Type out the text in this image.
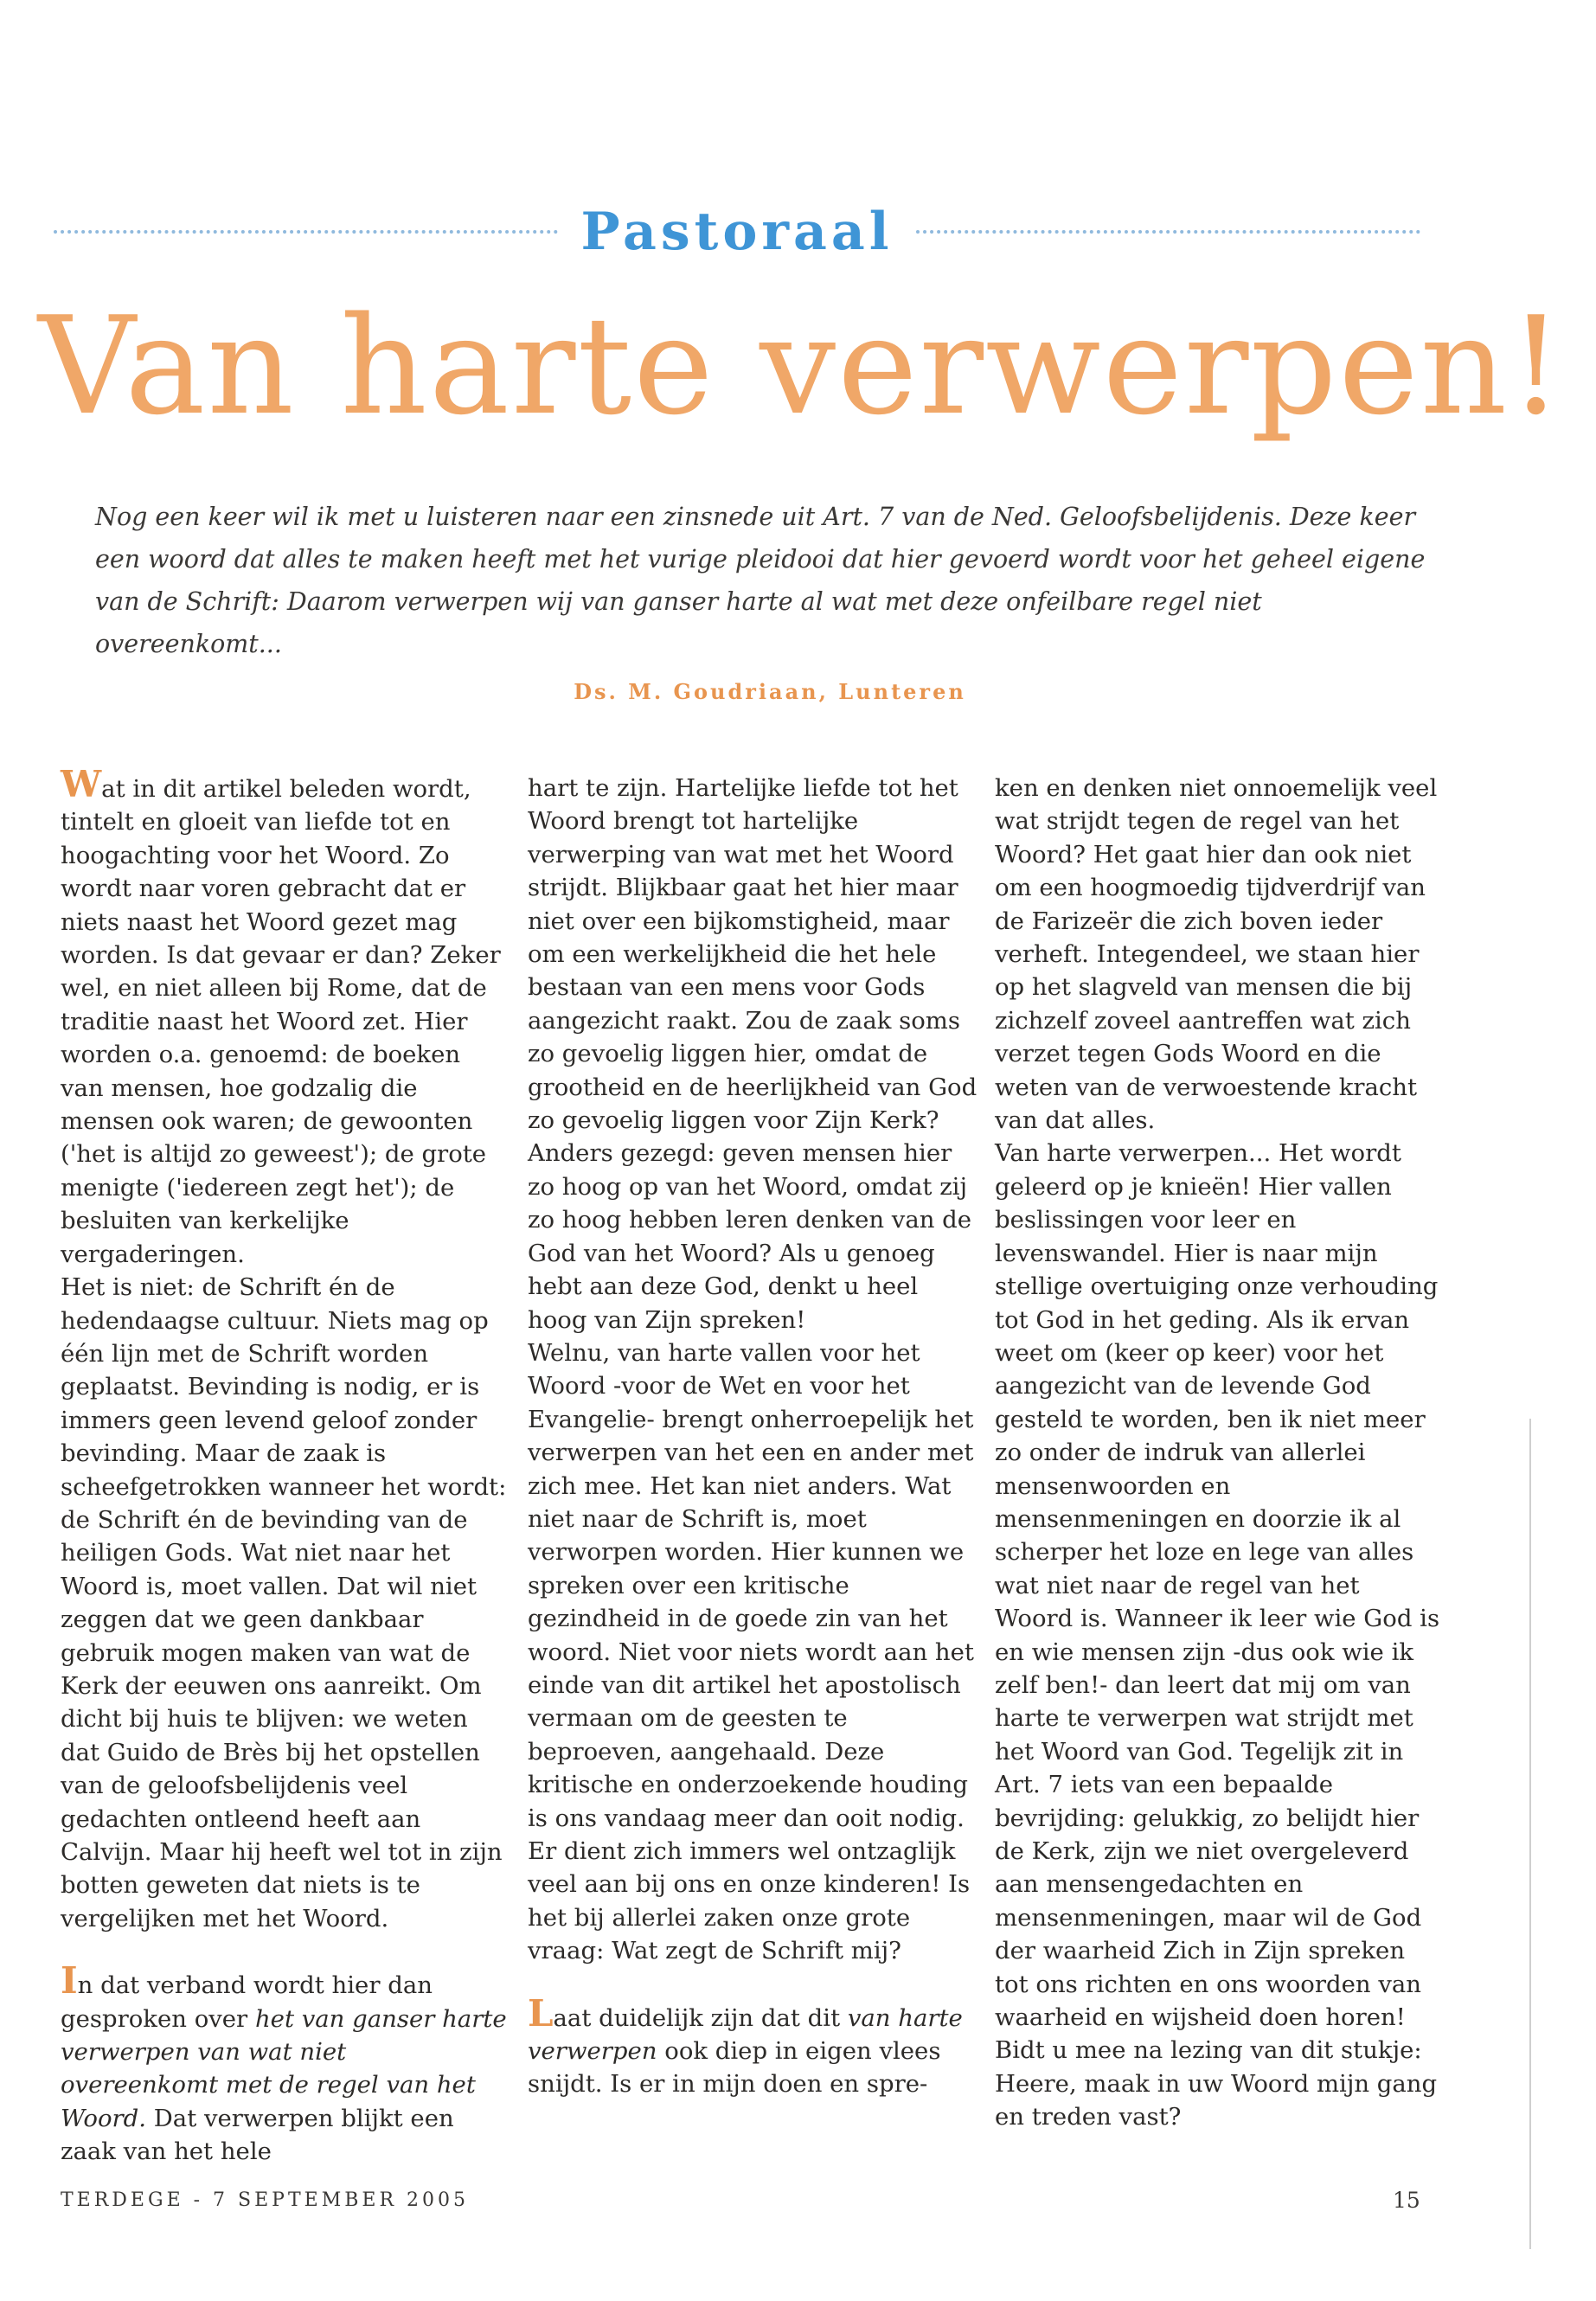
Pastoraal
Van harte verwerpen!

Nog een keer wil ik met u luisteren naar een zinsnede uit Art. 7 van de Ned. Geloofsbelijdenis. Deze keer een woord dat alles te maken heeft met het vurige pleidooi dat hier gevoerd wordt voor het geheel eigene van de Schrift: Daarom verwerpen wij van ganser harte al wat met deze onfeilbare regel niet overeenkomt...

Ds. M. Goudriaan, Lunteren

Wat in dit artikel beleden wordt, tintelt en gloeit van liefde tot en hoogachting voor het Woord. Zo wordt naar voren gebracht dat er niets naast het Woord gezet mag worden. Is dat gevaar er dan? Zeker wel, en niet alleen bij Rome, dat de traditie naast het Woord zet. Hier worden o.a. genoemd: de boeken van mensen, hoe godzalig die mensen ook waren; de gewoonten ('het is altijd zo geweest'); de grote menigte ('iedereen zegt het'); de besluiten van kerkelijke vergaderingen.

Het is niet: de Schrift én de hedendaagse cultuur. Niets mag op één lijn met de Schrift worden geplaatst. Bevinding is nodig, er is immers geen levend geloof zonder bevinding. Maar de zaak is scheefgetrokken wanneer het wordt: de Schrift én de bevinding van de heiligen Gods. Wat niet naar het Woord is, moet vallen. Dat wil niet zeggen dat we geen dankbaar gebruik mogen maken van wat de Kerk der eeuwen ons aanreikt. Om dicht bij huis te blijven: we weten dat Guido de Brès bij het opstellen van de geloofsbelijdenis veel gedachten ontleend heeft aan Calvijn. Maar hij heeft wel tot in zijn botten geweten dat niets is te vergelijken met het Woord.

In dat verband wordt hier dan gesproken over het van ganser harte verwerpen van wat niet overeenkomt met de regel van het Woord. Dat verwerpen blijkt een zaak van het hele

hart te zijn. Hartelijke liefde tot het Woord brengt tot hartelijke verwerping van wat met het Woord strijdt. Blijkbaar gaat het hier maar niet over een bijkomstigheid, maar om een werkelijkheid die het hele bestaan van een mens voor Gods aangezicht raakt. Zou de zaak soms zo gevoelig liggen hier, omdat de grootheid en de heerlijkheid van God zo gevoelig liggen voor Zijn Kerk? Anders gezegd: geven mensen hier zo hoog op van het Woord, omdat zij zo hoog hebben leren denken van de God van het Woord? Als u genoeg hebt aan deze God, denkt u heel hoog van Zijn spreken!

Welnu, van harte vallen voor het Woord -voor de Wet en voor het Evangelie- brengt onherroepelijk het verwerpen van het een en ander met zich mee. Het kan niet anders. Wat niet naar de Schrift is, moet verworpen worden. Hier kunnen we spreken over een kritische gezindheid in de goede zin van het woord. Niet voor niets wordt aan het einde van dit artikel het apostolisch vermaan om de geesten te beproeven, aangehaald. Deze kritische en onderzoekende houding is ons vandaag meer dan ooit nodig. Er dient zich immers wel ontzaglijk veel aan bij ons en onze kinderen! Is het bij allerlei zaken onze grote vraag: Wat zegt de Schrift mij?

Laat duidelijk zijn dat dit van harte verwerpen ook diep in eigen vlees snijdt. Is er in mijn doen en spre-

ken en denken niet onnoemelijk veel wat strijdt tegen de regel van het Woord? Het gaat hier dan ook niet om een hoogmoedig tijdverdrijf van de Farizeër die zich boven ieder verheft. Integendeel, we staan hier op het slagveld van mensen die bij zichzelf zoveel aantreffen wat zich verzet tegen Gods Woord en die weten van de verwoestende kracht van dat alles.

Van harte verwerpen... Het wordt geleerd op je knieën! Hier vallen beslissingen voor leer en levenswandel. Hier is naar mijn stellige overtuiging onze verhouding tot God in het geding. Als ik ervan weet om (keer op keer) voor het aangezicht van de levende God gesteld te worden, ben ik niet meer zo onder de indruk van allerlei mensenwoorden en mensenmeningen en doorzie ik al scherper het loze en lege van alles wat niet naar de regel van het Woord is. Wanneer ik leer wie God is en wie mensen zijn -dus ook wie ik zelf ben!- dan leert dat mij om van harte te verwerpen wat strijdt met het Woord van God. Tegelijk zit in Art. 7 iets van een bepaalde bevrijding: gelukkig, zo belijdt hier de Kerk, zijn we niet overgeleverd aan mensengedachten en mensenmeningen, maar wil de God der waarheid Zich in Zijn spreken tot ons richten en ons woorden van waarheid en wijsheid doen horen!

Bidt u mee na lezing van dit stukje: Heere, maak in uw Woord mijn gang en treden vast?

TERDEGE - 7 SEPTEMBER 2005	15
